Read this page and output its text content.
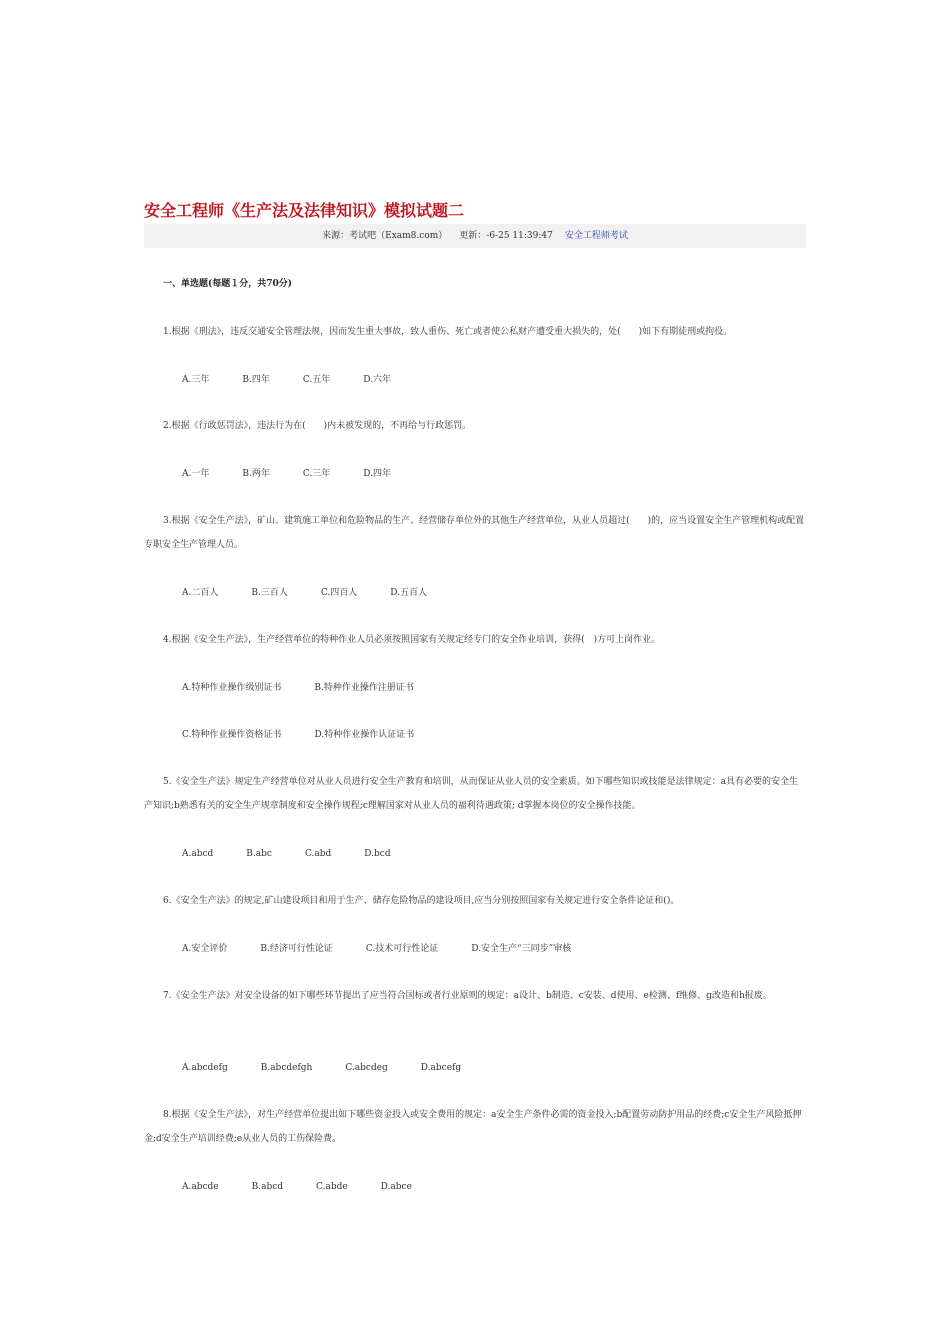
安全工程师《生产法及法律知识》模拟试题二
来源：考试吧（Exam8.com） 更新：-6-25 11:39:47 安全工程师考试
一、单选题(每题１分，共70分)
1.根据《刑法》，违反交通安全管理法规，因而发生重大事故，致人重伤、死亡或者使公私财产遭受重大损失的，处(　　)如下有期徒刑或拘役。
A.三年	B.四年	C.五年	D.六年
2.根据《行政惩罚法》，违法行为在(　　)内未被发现的，不再给与行政惩罚。
A.一年	B.两年	C.三年	D.四年
3.根据《安全生产法》，矿山、建筑施工单位和危险物品的生产、经营储存单位外的其他生产经营单位，从业人员超过(　　)的，应当设置安全生产管理机构或配置专职安全生产管理人员。
A.二百人	B.三百人	C.四百人	D.五百人
4.根据《安全生产法》，生产经营单位的特种作业人员必须按照国家有关规定经专门的安全作业培训，获得(　)方可上岗作业。
A.特种作业操作级别证书	B.特种作业操作注册证书
C.特种作业操作资格证书	D.特种作业操作认证证书
5.《安全生产法》规定生产经营单位对从业人员进行安全生产教育和培训，从而保证从业人员的安全素质。如下哪些知识或技能是法律规定：a具有必要的安全生产知识;b熟悉有关的安全生产规章制度和安全操作规程;c理解国家对从业人员的福利待遇政策; d掌握本岗位的安全操作技能。
A.abcd	B.abc	C.abd	D.bcd
6.《安全生产法》的规定,矿山建设项目和用于生产、储存危险物品的建设项目,应当分别按照国家有关规定进行安全条件论证和()。
A.安全评价	B.经济可行性论证	C.技术可行性论证	D.安全生产“三同步”审核
7.《安全生产法》对安全设备的如下哪些环节提出了应当符合国标或者行业原则的规定：a设计、b制造、c安装、d使用、e检测、f维修、g改造和h报废。
A.abcdefg	B.abcdefgh	C.abcdeg	D.abcefg
8.根据《安全生产法》，对生产经营单位提出如下哪些资金投入或安全费用的规定：a安全生产条件必需的资金投入;b配置劳动防护用品的经费;c安全生产风险抵押金;d安全生产培训经费;e从业人员的工伤保险费。
A.abcde	B.abcd	C.abde	D.abce
